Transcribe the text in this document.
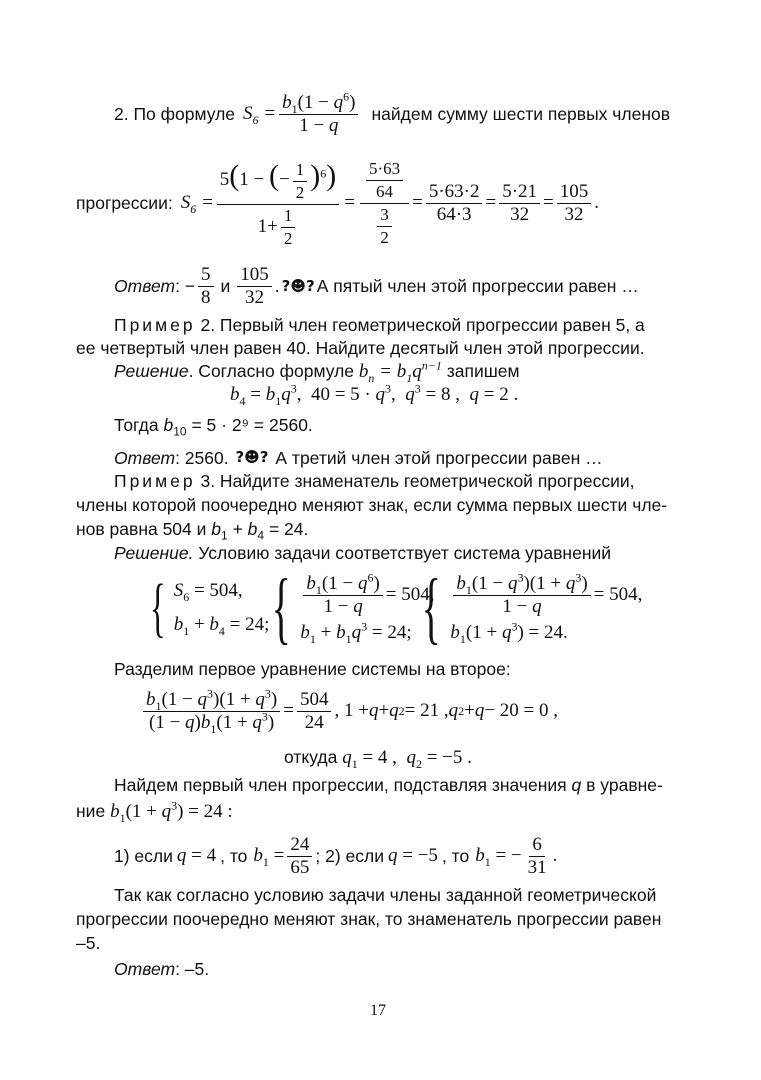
2. По формуле $S_6 = \frac{b_1(1 - q^6)}{1 - q}$ найдем сумму шести первых членов
прогрессии: $S_6 = \frac{5(1 - (- \frac{1}{2} )^6)}{1+ \frac{1}{2}} = \frac{\frac{5\cdot 63}{64}}{\frac{3}{2}} = \frac{5\cdot 63\cdot 2}{64\cdot 3} = \frac{5\cdot 21}{32} = \frac{105}{32}$ .
Ответ : − $\frac{5}{8}$ и $\frac{105}{32}$ . ?☻? А пятый член этой прогрессии равен …
Пример 2. Первый член геометрической прогрессии равен 5, а
ее четвертый член равен 40. Найдите десятый член этой прогрессии.
Решение. Согласно формуле $b_n = b_1q^{n-1}$ запишем
$b_4 = b_1q^3$,  $40 = 5 \cdot q^3$,  $q^3 = 8$ ,  q = 2 .
Тогда $b_{10} = 5 \cdot 2^9 = 2560$.
Ответ: 2560. ?☻? А третий член этой прогрессии равен …
Пример 3. Найдите знаменатель геометрической прогрессии,
члены которой поочередно меняют знак, если сумма первых шести чле-
нов равна 504 и $b_1 + b_4 = 24$.
Решение. Условию задачи соответствует система уравнений
{ $S_6 = 504$,
$b_1 + b_4 = 24$; { $\frac{b_1(1 - q^6)}{1 - q} = 504$,
$b_1 + b_1q^3 = 24$; { $\frac{b_1(1 - q^3)(1 + q^3)}{1 - q} = 504$,
$b_1(1 + q^3) = 24$.
Разделим первое уравнение системы на второе:
$\frac{b_1(1 - q^3)(1 + q^3)}{(1 - q)b_1(1 + q^3)} = \frac{504}{24}$ , 1 + q + q 2 = 21 , q 2 + q − 20 = 0 ,
откуда $q_1 = 4$ ,  $q_2 = -5$ .
Найдем первый член прогрессии, подставляя значения q в уравне-
ние $b_1(1 + q^3) = 24$ :
1) если q = 4 , то $b_1 = \frac{24}{65}$ ; 2) если q = −5 , то $b_1$ = − $\frac{6}{31}$ .
Так как согласно условию задачи члены заданной геометрической
прогрессии поочередно меняют знак, то знаменатель прогрессии равен
–5.
Ответ: –5.
17
